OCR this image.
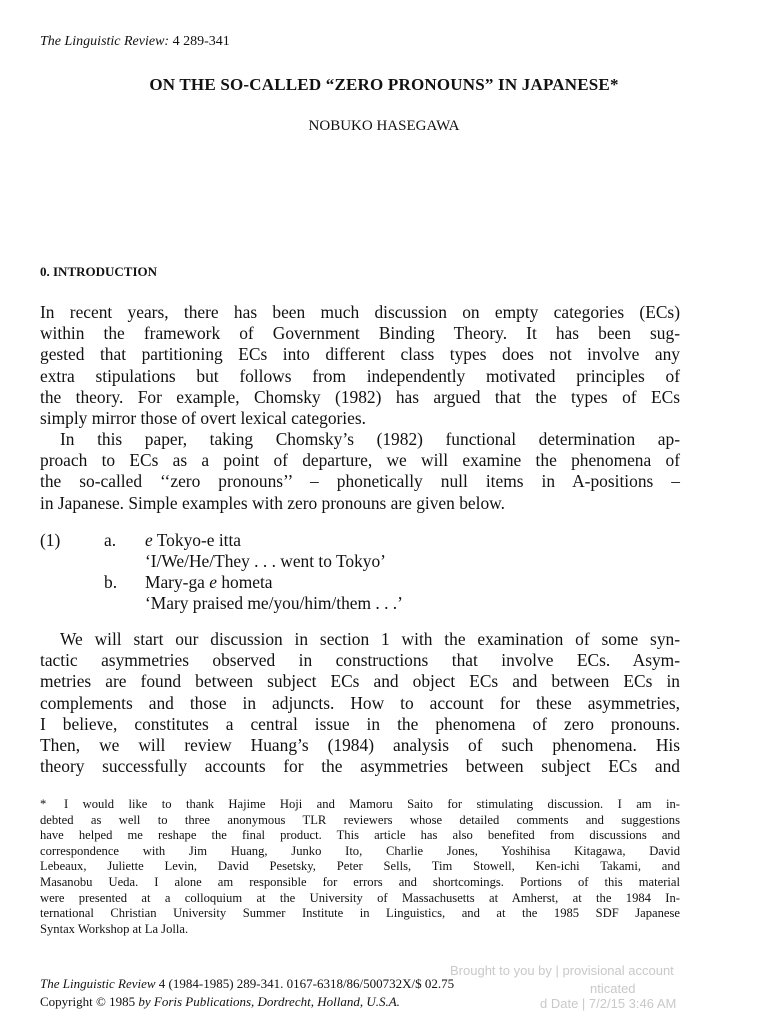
The Linguistic Review: 4 289-341
ON THE SO-CALLED “ZERO PRONOUNS” IN JAPANESE*
NOBUKO HASEGAWA
0. INTRODUCTION
In recent years, there has been much discussion on empty categories (ECs)
within the framework of Government Binding Theory. It has been sug-
gested that partitioning ECs into different class types does not involve any
extra stipulations but follows from independently motivated principles of
the theory. For example, Chomsky (1982) has argued that the types of ECs
simply mirror those of overt lexical categories.
In this paper, taking Chomsky’s (1982) functional determination ap-
proach to ECs as a point of departure, we will examine the phenomena of
the so-called ‘‘zero pronouns’’ – phonetically null items in A-positions –
in Japanese. Simple examples with zero pronouns are given below.
(1)	a. e Tokyo-e itta
‘I/We/He/They . . . went to Tokyo’
b. Mary-ga e hometa
‘Mary praised me/you/him/them . . .’
We will start our discussion in section 1 with the examination of some syn-
tactic asymmetries observed in constructions that involve ECs. Asym-
metries are found between subject ECs and object ECs and between ECs in
complements and those in adjuncts. How to account for these asymmetries,
I believe, constitutes a central issue in the phenomena of zero pronouns.
Then, we will review Huang’s (1984) analysis of such phenomena. His
theory successfully accounts for the asymmetries between subject ECs and
* I would like to thank Hajime Hoji and Mamoru Saito for stimulating discussion. I am in-
debted as well to three anonymous TLR reviewers whose detailed comments and suggestions
have helped me reshape the final product. This article has also benefited from discussions and
correspondence with Jim Huang, Junko Ito, Charlie Jones, Yoshihisa Kitagawa, David
Lebeaux, Juliette Levin, David Pesetsky, Peter Sells, Tim Stowell, Ken-ichi Takami, and
Masanobu Ueda. I alone am responsible for errors and shortcomings. Portions of this material
were presented at a colloquium at the University of Massachusetts at Amherst, at the 1984 In-
ternational Christian University Summer Institute in Linguistics, and at the 1985 SDF Japanese
Syntax Workshop at La Jolla.
Brought to you by | provisional account
nticated
d Date | 7/2/15 3:46 AM
The Linguistic Review 4 (1984-1985) 289-341. 0167-6318/86/500732X/$ 02.75
Copyright © 1985 by Foris Publications, Dordrecht, Holland, U.S.A.
